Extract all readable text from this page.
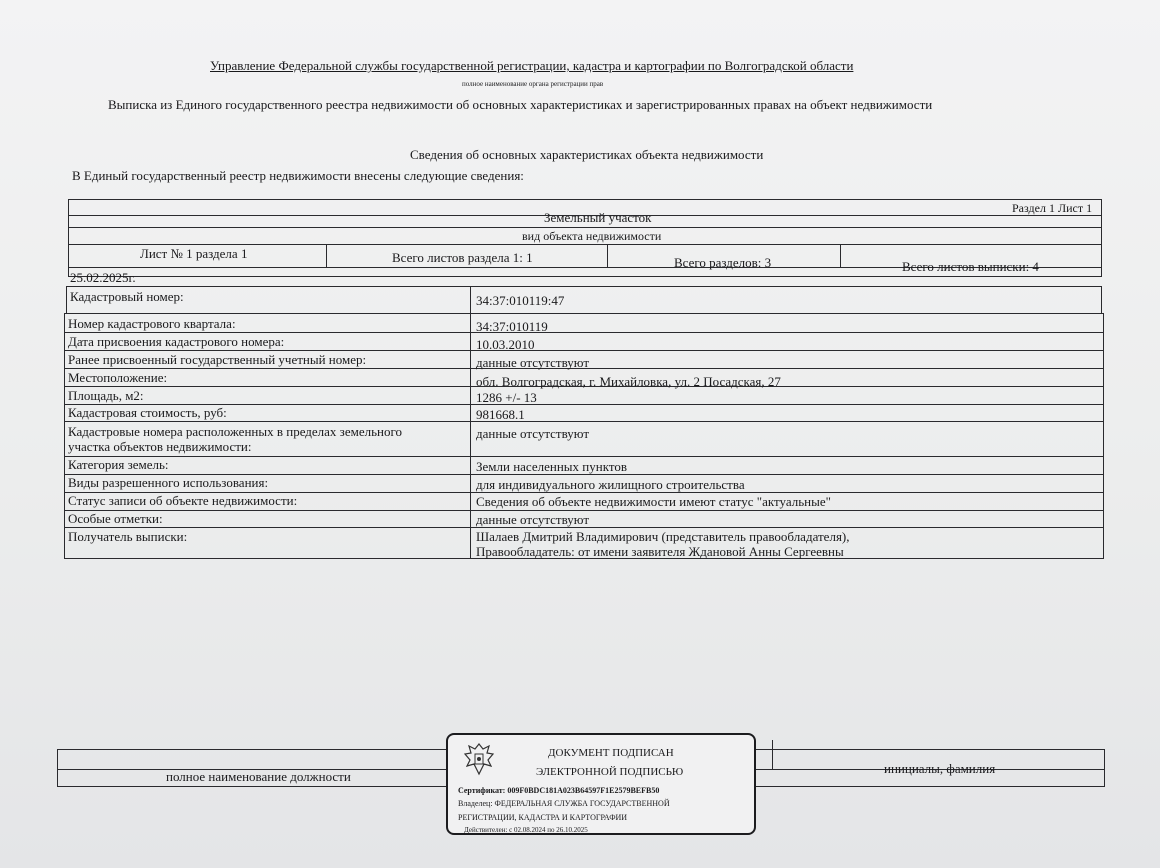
Управление Федеральной службы государственной регистрации, кадастра и картографии по Волгоградской области
полное наименование органа регистрации прав
Выписка из Единого государственного реестра недвижимости об основных характеристиках и зарегистрированных правах на объект недвижимости
Сведения об основных характеристиках объекта недвижимости
В Единый государственный реестр недвижимости внесены следующие сведения:
Раздел 1 Лист 1
Земельный участок
вид объекта недвижимости
Лист № 1 раздела 1	Всего листов раздела 1: 1	Всего разделов: 3	Всего листов выписки: 4
25.02.2025г.
Кадастровый номер:	34:37:010119:47
Номер кадастрового квартала:	34:37:010119
Дата присвоения кадастрового номера:	10.03.2010
Ранее присвоенный государственный учетный номер:	данные отсутствуют
Местоположение:	обл. Волгоградская, г. Михайловка, ул. 2 Посадская, 27
Площадь, м2:	1286 +/- 13
Кадастровая стоимость, руб:	981668.1
Кадастровые номера расположенных в пределах земельного
участка объектов недвижимости:
данные отсутствуют
Категория земель:	Земли населенных пунктов
Виды разрешенного использования:	для индивидуального жилищного строительства
Статус записи об объекте недвижимости:	Сведения об объекте недвижимости имеют статус "актуальные"
Особые отметки:	данные отсутствуют
Получатель выписки:	Шалаев Дмитрий Владимирович (представитель правообладателя),
Правообладатель: от имени заявителя Ждановой Анны Сергеевны
полное наименование должности
инициалы, фамилия
ДОКУМЕНТ ПОДПИСАН
ЭЛЕКТРОННОЙ ПОДПИСЬЮ
Сертификат: 009F0BDC181A023B64597F1E2579BEFB50
Владелец: ФЕДЕРАЛЬНАЯ СЛУЖБА ГОСУДАРСТВЕННОЙ
РЕГИСТРАЦИИ, КАДАСТРА И КАРТОГРАФИИ
Действителен: с 02.08.2024 по 26.10.2025
